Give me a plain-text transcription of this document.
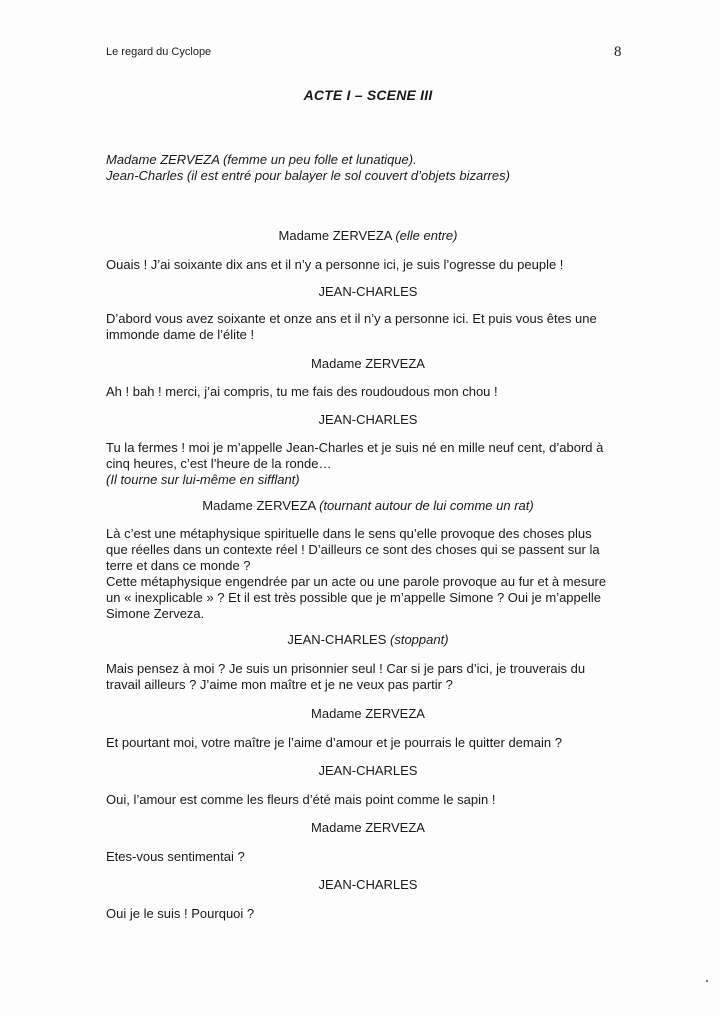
Le regard du Cyclope	8
ACTE I – SCENE III
Madame ZERVEZA (femme un peu folle et lunatique).
Jean-Charles (il est entré pour balayer le sol couvert d’objets bizarres)
Madame ZERVEZA (elle entre)
Ouais ! J’ai soixante dix ans et il n’y a personne ici, je suis l’ogresse du peuple !
JEAN-CHARLES
D’abord vous avez soixante et onze ans et il n’y a personne ici. Et puis vous êtes une
immonde dame de l’élite !
Madame ZERVEZA
Ah ! bah ! merci, j’ai compris, tu me fais des roudoudous mon chou !
JEAN-CHARLES
Tu la fermes ! moi je m’appelle Jean-Charles et je suis né en mille neuf cent, d’abord à
cinq heures, c’est l’heure de la ronde…
(Il tourne sur lui-même en sifflant)
Madame ZERVEZA (tournant autour de lui comme un rat)
Là c’est une métaphysique spirituelle dans le sens qu’elle provoque des choses plus
que réelles dans un contexte réel ! D’ailleurs ce sont des choses qui se passent sur la
terre et dans ce monde ?
Cette métaphysique engendrée par un acte ou une parole provoque au fur et à mesure
un « inexplicable » ? Et il est très possible que je m’appelle Simone ? Oui je m’appelle
Simone Zerveza.
JEAN-CHARLES (stoppant)
Mais pensez à moi ? Je suis un prisonnier seul ! Car si je pars d’ici, je trouverais du
travail ailleurs ? J’aime mon maître et je ne veux pas partir ?
Madame ZERVEZA
Et pourtant moi, votre maître je l’aime d’amour et je pourrais le quitter demain ?
JEAN-CHARLES
Oui, l’amour est comme les fleurs d’été mais point comme le sapin !
Madame ZERVEZA
Etes-vous sentimentai ?
JEAN-CHARLES
Oui je le suis ! Pourquoi ?
